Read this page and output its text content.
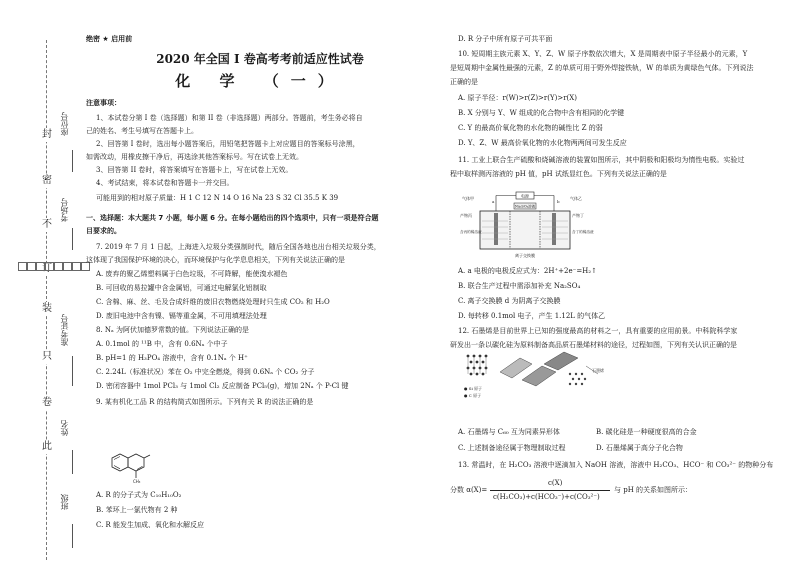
封
密
不
订
装
只
卷
此
座位号
考场号
准考证号
姓名
班级
绝密 ★ 启用前
2020 年全国 I 卷高考考前适应性试卷
化 学 （一）
注意事项：
1、本试卷分第 I 卷（选择题）和第 II 卷（非选择题）两部分。答题前，考生务必将自
己的姓名、考生号填写在答题卡上。
2、回答第 I 卷时，选出每小题答案后，用铅笔把答题卡上对应题目的答案标号涂黑，
如需改动，用橡皮擦干净后，再选涂其他答案标号。写在试卷上无效。
3、回答第 II 卷时，将答案填写在答题卡上，写在试卷上无效。
4、考试结束，将本试卷和答题卡一并交回。
可能用到的相对原子质量：H 1 C 12 N 14 O 16 Na 23 S 32 Cl 35.5 K 39
一、选择题：本大题共 7 小题，每小题 6 分。在每小题给出的四个选项中，只有一项是符合题
目要求的。
7. 2019 年 7 月 1 日起，上海进入垃圾分类强制时代，随后全国各地也出台相关垃圾分类，
这体现了我国保护环境的决心，而环境保护与化学息息相关，下列有关说法正确的是
A. 废弃的聚乙烯塑料属于白色垃圾，不可降解，能使溴水褪色
B. 可回收的易拉罐中含金属铝，可通过电解氯化铝制取
C. 含棉、麻、丝、毛及合成纤维的废旧衣物燃烧处理时只生成 CO₂ 和 H₂O
D. 废旧电池中含有镍、镉等重金属，不可用填埋法处理
8. Nₐ 为阿伏加德罗常数的值。下列说法正确的是
A. 0.1mol 的 ¹¹B 中，含有 0.6Nₐ 个中子
B. pH=1 的 H₃PO₄ 溶液中，含有 0.1Nₐ 个 H⁺
C. 2.24L（标准状况）苯在 O₂ 中完全燃烧，得到 0.6Nₐ 个 CO₂ 分子
D. 密闭容器中 1mol PCl₃ 与 1mol Cl₂ 反应制备 PCl₅(g)，增加 2Nₐ 个 P-Cl 键
9. 某有机化工品 R 的结构简式如图所示。下列有关 R 的说法正确的是
CH₃
A. R 的分子式为 C₁₀H₁₀O₂
B. 苯环上一氯代物有 2 种
C. R 能发生加成、氧化和水解反应
D. R 分子中所有原子可共平面
10. 短周期主族元素 X、Y、Z、W 原子序数依次增大，X 是周期表中原子半径最小的元素，Y
是短周期中金属性最强的元素，Z 的单质可用于野外焊接铁轨，W 的单质为黄绿色气体。下列说法
正确的是
A. 原子半径：r(W)>r(Z)>r(Y)>r(X)
B. X 分别与 Y、W 组成的化合物中含有相同的化学键
C. Y 的最高价氧化物的水化物的碱性比 Z 的弱
D. Y、Z、W 最高价氧化物的水化物两两间可发生反应
11. 工业上联合生产硫酸和烧碱溶液的装置如图所示，其中阴极和阳极均为惰性电极。实验过
程中取样测丙溶液的 pH 值，pH 试纸显红色。下列有关说法正确的是
电源
a	b
气体甲	气体乙
Na₂SO₄溶液
产物丙	产物丁
含丙的稀溶液	含丁的稀溶液
离子交换膜
A. a 电极的电极反应式为：2H⁺+2e⁻=H₂↑
B. 联合生产过程中需添加补充 Na₂SO₄
C. 离子交换膜 d 为阴离子交换膜
D. 每转移 0.1mol 电子，产生 1.12L 的气体乙
12. 石墨烯是目前世界上已知的强度最高的材料之一，具有重要的应用前景。中科院科学家
研发出一条以碳化硅为原料制备高品质石墨烯材料的途径，过程如图，下列有关认识正确的是
石墨烯
● Si 原子
● C 原子
A. 石墨烯与 C₆₀ 互为同素异形体	B. 碳化硅是一种硬度很高的合金
C. 上述制备途径属于物理制取过程	D. 石墨烯属于高分子化合物
13. 常温时，在 H₂CO₃ 溶液中逐滴加入 NaOH 溶液，溶液中 H₂CO₃、HCO⁻ 和 CO₃²⁻ 的物种分布
c(X)
分数 α(X)=
c(H₂CO₃)+c(HCO₃⁻)+c(CO₃²⁻)
与 pH 的关系如图所示：
